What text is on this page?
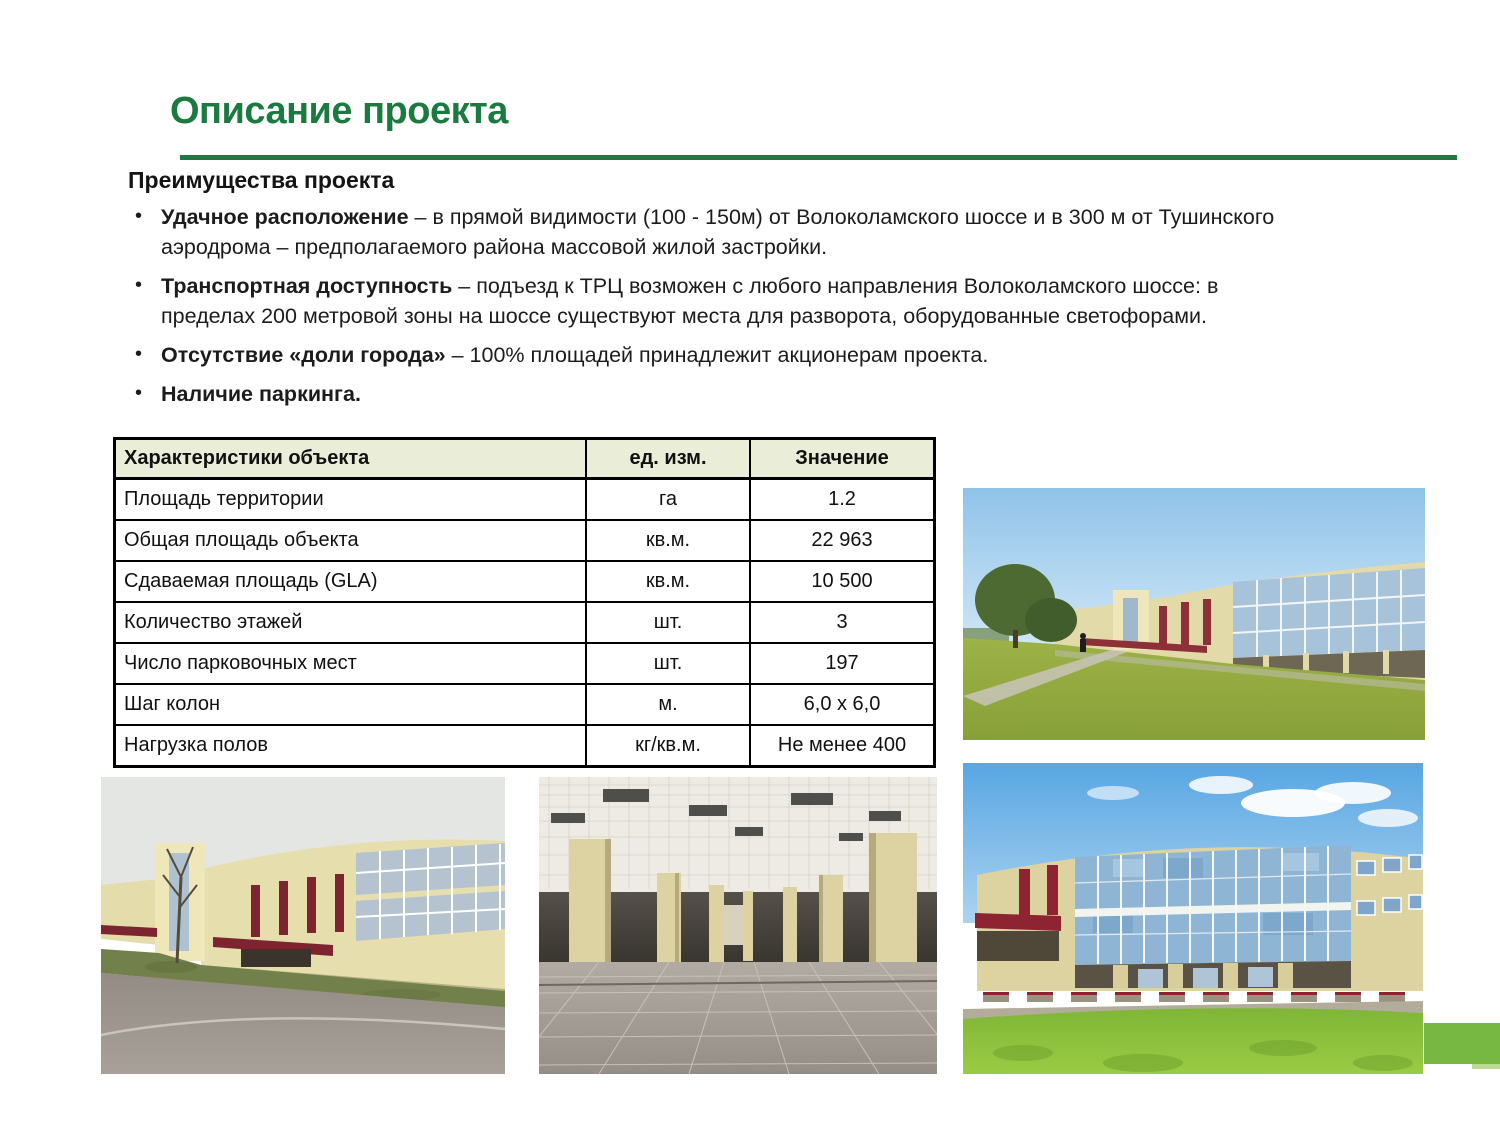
Описание проекта
Преимущества проекта
• Удачное расположение – в прямой видимости (100 - 150м) от Волоколамского шоссе и в 300 м от Тушинского аэродрома – предполагаемого района массовой жилой застройки.
• Транспортная доступность – подъезд к ТРЦ возможен с любого направления Волоколамского шоссе: в пределах 200 метровой зоны на шоссе существуют места для разворота, оборудованные светофорами.
• Отсутствие «доли города» – 100% площадей принадлежит акционерам проекта.
• Наличие паркинга.
Характеристики объекта	ед. изм.	Значение
Площадь территории	га	1.2
Общая площадь объекта	кв.м.	22 963
Сдаваемая площадь (GLA)	кв.м.	10 500
Количество этажей	шт.	3
Число парковочных мест	шт.	197
Шаг колон	м.	6,0 x 6,0
Нагрузка полов	кг/кв.м.	Не менее 400
